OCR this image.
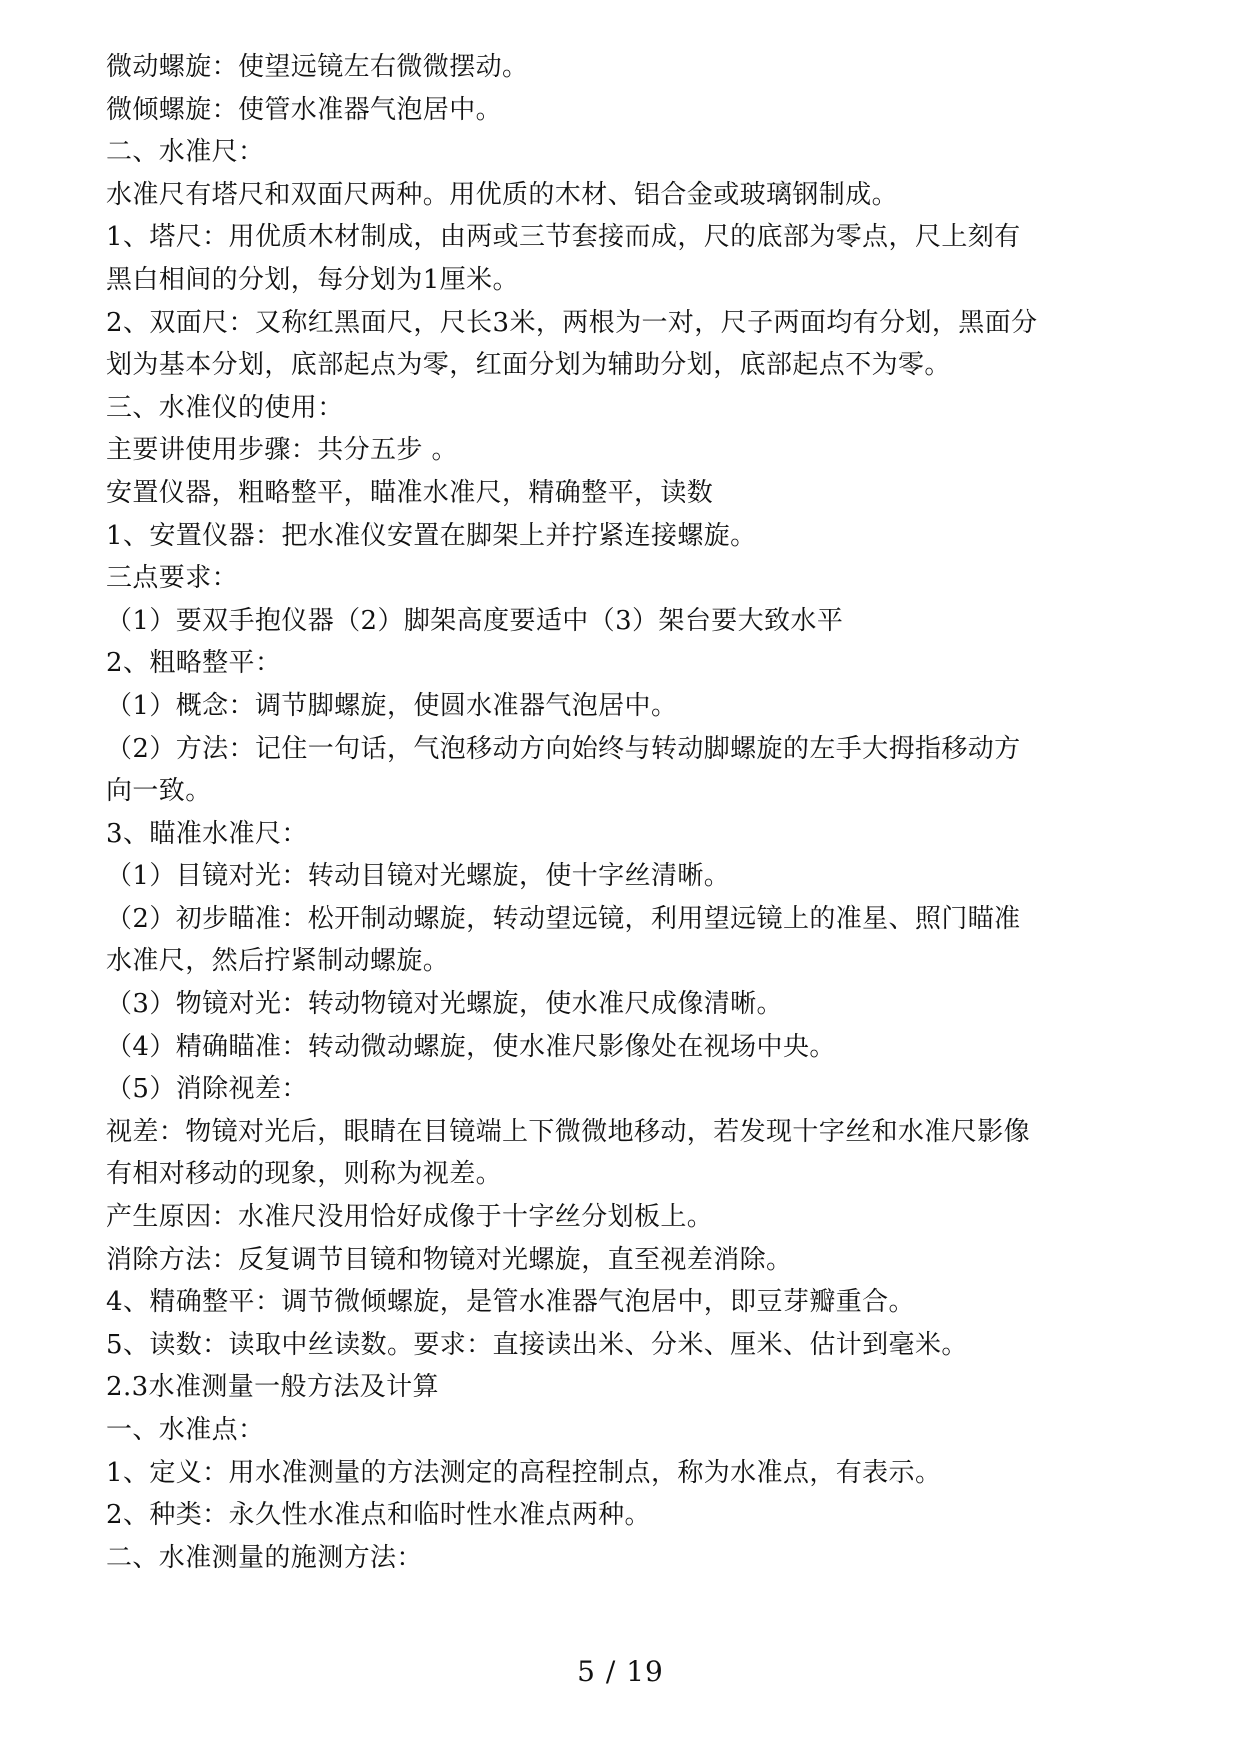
微动螺旋：使望远镜左右微微摆动。
微倾螺旋：使管水准器气泡居中。
二、水准尺：
水准尺有塔尺和双面尺两种。用优质的木材、铝合金或玻璃钢制成。
1、塔尺：用优质木材制成，由两或三节套接而成，尺的底部为零点，尺上刻有
黑白相间的分划，每分划为1厘米。
2、双面尺：又称红黑面尺，尺长3米，两根为一对，尺子两面均有分划，黑面分
划为基本分划，底部起点为零，红面分划为辅助分划，底部起点不为零。
三、水准仪的使用：
主要讲使用步骤：共分五步 。
安置仪器，粗略整平，瞄准水准尺，精确整平，读数
1、安置仪器：把水准仪安置在脚架上并拧紧连接螺旋。
三点要求：
（1）要双手抱仪器（2）脚架高度要适中（3）架台要大致水平
2、粗略整平：
（1）概念：调节脚螺旋，使圆水准器气泡居中。
（2）方法：记住一句话，气泡移动方向始终与转动脚螺旋的左手大拇指移动方
向一致。
3、瞄准水准尺：
（1）目镜对光：转动目镜对光螺旋，使十字丝清晰。
（2）初步瞄准：松开制动螺旋，转动望远镜，利用望远镜上的准星、照门瞄准
水准尺，然后拧紧制动螺旋。
（3）物镜对光：转动物镜对光螺旋，使水准尺成像清晰。
（4）精确瞄准：转动微动螺旋，使水准尺影像处在视场中央。
（5）消除视差：
视差：物镜对光后，眼睛在目镜端上下微微地移动，若发现十字丝和水准尺影像
有相对移动的现象，则称为视差。
产生原因：水准尺没用恰好成像于十字丝分划板上。
消除方法：反复调节目镜和物镜对光螺旋，直至视差消除。
4、精确整平：调节微倾螺旋，是管水准器气泡居中，即豆芽瓣重合。
5、读数：读取中丝读数。要求：直接读出米、分米、厘米、估计到毫米。
2.3水准测量一般方法及计算
一、水准点：
1、定义：用水准测量的方法测定的高程控制点，称为水准点，有表示。
2、种类：永久性水准点和临时性水准点两种。
二、水准测量的施测方法：
5 / 19
